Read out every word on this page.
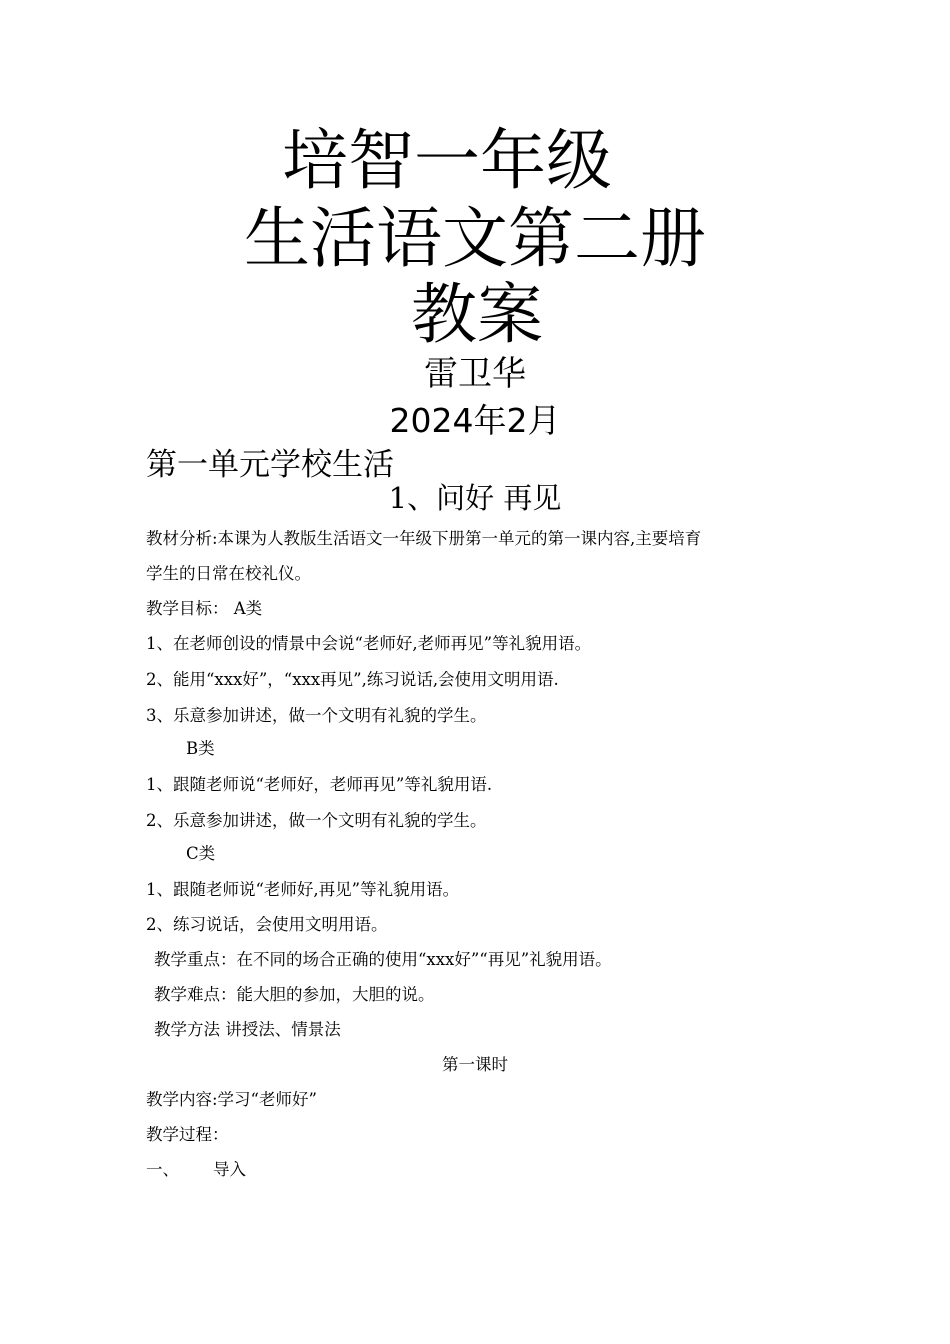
培智一年级
生活语文第二册
教案
雷卫华
2024年2月
第一单元学校生活
1、问好 再见
教材分析:本课为人教版生活语文一年级下册第一单元的第一课内容,主要培育
学生的日常在校礼仪。
教学目标： A类
1、在老师创设的情景中会说“老师好,老师再见”等礼貌用语。
2、能用“xxx好”，“xxx再见”,练习说话,会使用文明用语.
3、乐意参加讲述，做一个文明有礼貌的学生。
B类
1、跟随老师说“老师好，老师再见”等礼貌用语.
2、乐意参加讲述，做一个文明有礼貌的学生。
C类
1、跟随老师说“老师好,再见”等礼貌用语。
2、练习说话，会使用文明用语。
教学重点：在不同的场合正确的使用“xxx好”“再见”礼貌用语。
教学难点：能大胆的参加，大胆的说。
教学方法 讲授法、情景法
第一课时
教学内容:学习“老师好”
教学过程：
一、 导入
